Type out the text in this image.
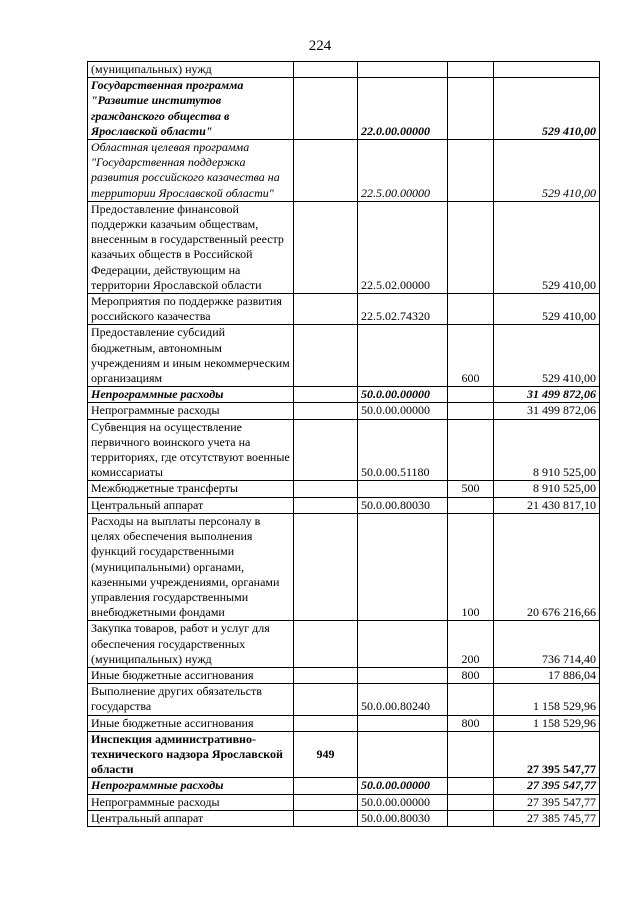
224
(муниципальных) нужд				
Государственная программа "Развитие институтов гражданского общества в Ярославской области"		22.0.00.00000		529 410,00
Областная целевая программа "Государственная поддержка развития российского казачества на территории Ярославской области"		22.5.00.00000		529 410,00
Предоставление финансовой поддержки казачьим обществам, внесенным в государственный реестр казачьих обществ в Российской Федерации, действующим на территории Ярославской области		22.5.02.00000		529 410,00
Мероприятия по поддержке развития российского казачества		22.5.02.74320		529 410,00
Предоставление субсидий бюджетным, автономным учреждениям и иным некоммерческим организациям			600	529 410,00
Непрограммные расходы		50.0.00.00000		31 499 872,06
Непрограммные расходы		50.0.00.00000		31 499 872,06
Субвенция на осуществление первичного воинского учета на территориях, где отсутствуют военные комиссариаты		50.0.00.51180		8 910 525,00
Межбюджетные трансферты			500	8 910 525,00
Центральный аппарат		50.0.00.80030		21 430 817,10
Расходы на выплаты персоналу в целях обеспечения выполнения функций государственными (муниципальными) органами, казенными учреждениями, органами управления государственными внебюджетными фондами			100	20 676 216,66
Закупка товаров, работ и услуг для обеспечения государственных (муниципальных) нужд			200	736 714,40
Иные бюджетные ассигнования			800	17 886,04
Выполнение других обязательств государства		50.0.00.80240		1 158 529,96
Иные бюджетные ассигнования			800	1 158 529,96
Инспекция административно-технического надзора Ярославской области	949			27 395 547,77
Непрограммные расходы		50.0.00.00000		27 395 547,77
Непрограммные расходы		50.0.00.00000		27 395 547,77
Центральный аппарат		50.0.00.80030		27 385 745,77
